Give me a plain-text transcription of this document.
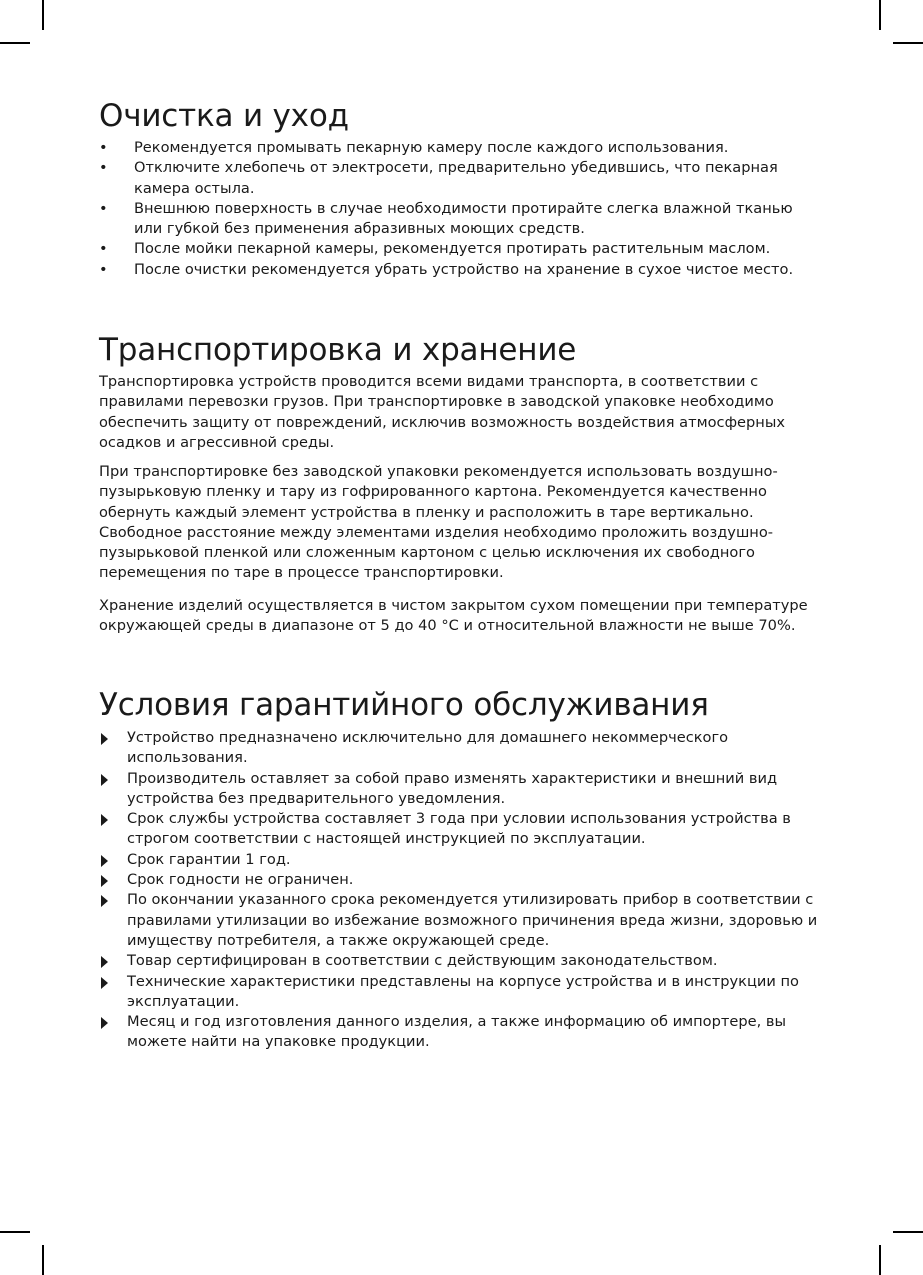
Очистка и уход
•	Рекомендуется промывать пекарную камеру после каждого использования.
•	Отключите хлебопечь от электросети, предварительно убедившись, что пекарная камера остыла.
•	Внешнюю поверхность в случае необходимости протирайте слегка влажной тканью или губкой без применения абразивных моющих средств.
•	После мойки пекарной камеры, рекомендуется протирать растительным маслом.
•	После очистки рекомендуется убрать устройство на хранение в сухое чистое место.
Транспортировка и хранение

Транспортировка устройств проводится всеми видами транспорта, в соответствии с правилами перевозки грузов. При транспортировке в заводской упаковке необходимо обеспечить защиту от повреждений, исключив возможность воздействия атмосферных осадков и агрессивной среды.

При транспортировке без заводской упаковки рекомендуется использовать воздушно-пузырьковую пленку и тару из гофрированного картона. Рекомендуется качественно обернуть каждый элемент устройства в пленку и расположить в таре вертикально. Свободное расстояние между элементами изделия необходимо проложить воздушно-пузырьковой пленкой или сложенным картоном с целью исключения их свободного перемещения по таре в процессе транспортировки.

Хранение изделий осуществляется в чистом закрытом сухом помещении при температуре окружающей среды в диапазоне от 5 до 40 °С и относительной влажности не выше 70%.

Условия гарантийного обслуживания
Устройство предназначено исключительно для домашнего некоммерческого использования.
Производитель оставляет за собой право изменять характеристики и внешний вид устройства без предварительного уведомления.
Срок службы устройства составляет 3 года при условии использования устройства в строгом соответствии с настоящей инструкцией по эксплуатации.
Срок гарантии 1 год.
Срок годности не ограничен.
По окончании указанного срока рекомендуется утилизировать прибор в соответствии с правилами утилизации во избежание возможного причинения вреда жизни, здоровью и имуществу потребителя, а также окружающей среде.
Товар сертифицирован в соответствии с действующим законодательством.
Технические характеристики представлены на корпусе устройства и в инструкции по эксплуатации.
Месяц и год изготовления данного изделия, а также информацию об импортере, вы можете найти на упаковке продукции.
